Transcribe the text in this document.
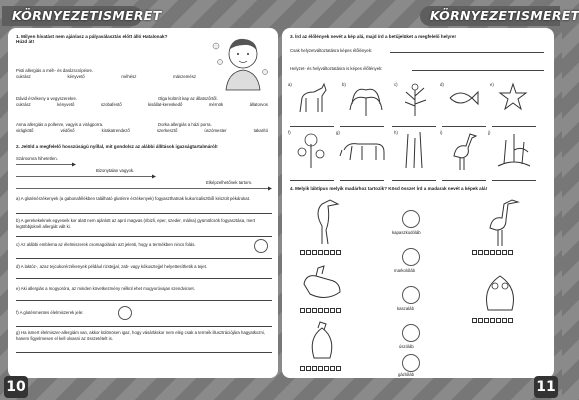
KÖRNYEZETISMERET	KÖRNYEZETISMERET
1. Milyen hívatást nem ajánlasz a pályaválasztás előtt álló Hatalonak? Húzd át!
Pisti allergiás a méh- és darázscsípésre.
cukrász	kényvető	méhész	mászemész
Dávid érzékeny a vegyszerekre.	Olga különít kap az állatszőrtől.
cukrász	kényvető	szobafestő	kisállat-kereskedő	mérnök	állatorvos
Anna allergiás a pollenre, vagyis a virágporra.	Dorka allergiás a házi porra.
virágkötő	védőnő	kirakatrendező	szerkesztő	úszómester	takarító
2. Jelöld a megfelelő hosszúságú nyíllal, mit gondolsz az alábbi állítások igazságtartalmáról!
Számomra hihetetlen.
Bizonytalan vagyok.
Elképzelhetőnek tartom.
a) A gluténérzékenyek (a gabonafélékben található gluténre érzékenyek) fogyaszthatnak kukoricalisztből készült pékárukat.
b) A gerekekeknek egyeseik kor alatt nem ajánlott az apró magvas (ribizli, eper, szeder, málna) gyümölcsök fogyasztása, mert legtöbbjüknél allergiát vált ki.
c) Az alábbi emblema az élelmiszerek csomagolásán azt jelenti, hogy a termékben nincs folás.
d) A laktóz-, azaz tejcukorérzékenyek például rizstejjal, zab- vagy kókusztejjel helyettesíthetik a tejet.
e) Aki allergiás a mogyoróra, az minden következmény nélkül ehet mogyoróvajas szendvicset.
f) A gluténmentes élelmiszerek jele:
g) Ha ismert élelmiszer-allergiám van, akkor különösen igaz, hogy vásárláskor nem elég csak a termék illusztrációjára hagyatkozni, hanem figyelmesen el kell olvasni az összetételt is.
3. Írd az élőlények nevét a kép alá, majd írd a betűjelüket a megfelelő helyre!
Csak helyzetváltoztatásra képes élőlények:
Helyzet- és helyváltoztatásra is képes élőlények:
a)	b)	c)	d)	e)
f)	g)	h)	i)	j)
4. Melyik lábtípus melyik madárhoz tartozik? Kösd össze! Írd a madarak nevét a képek alá!
kapaszkodóláb
markolóláb
kaszaláb
úszóláb
gázlóláb
10	11
